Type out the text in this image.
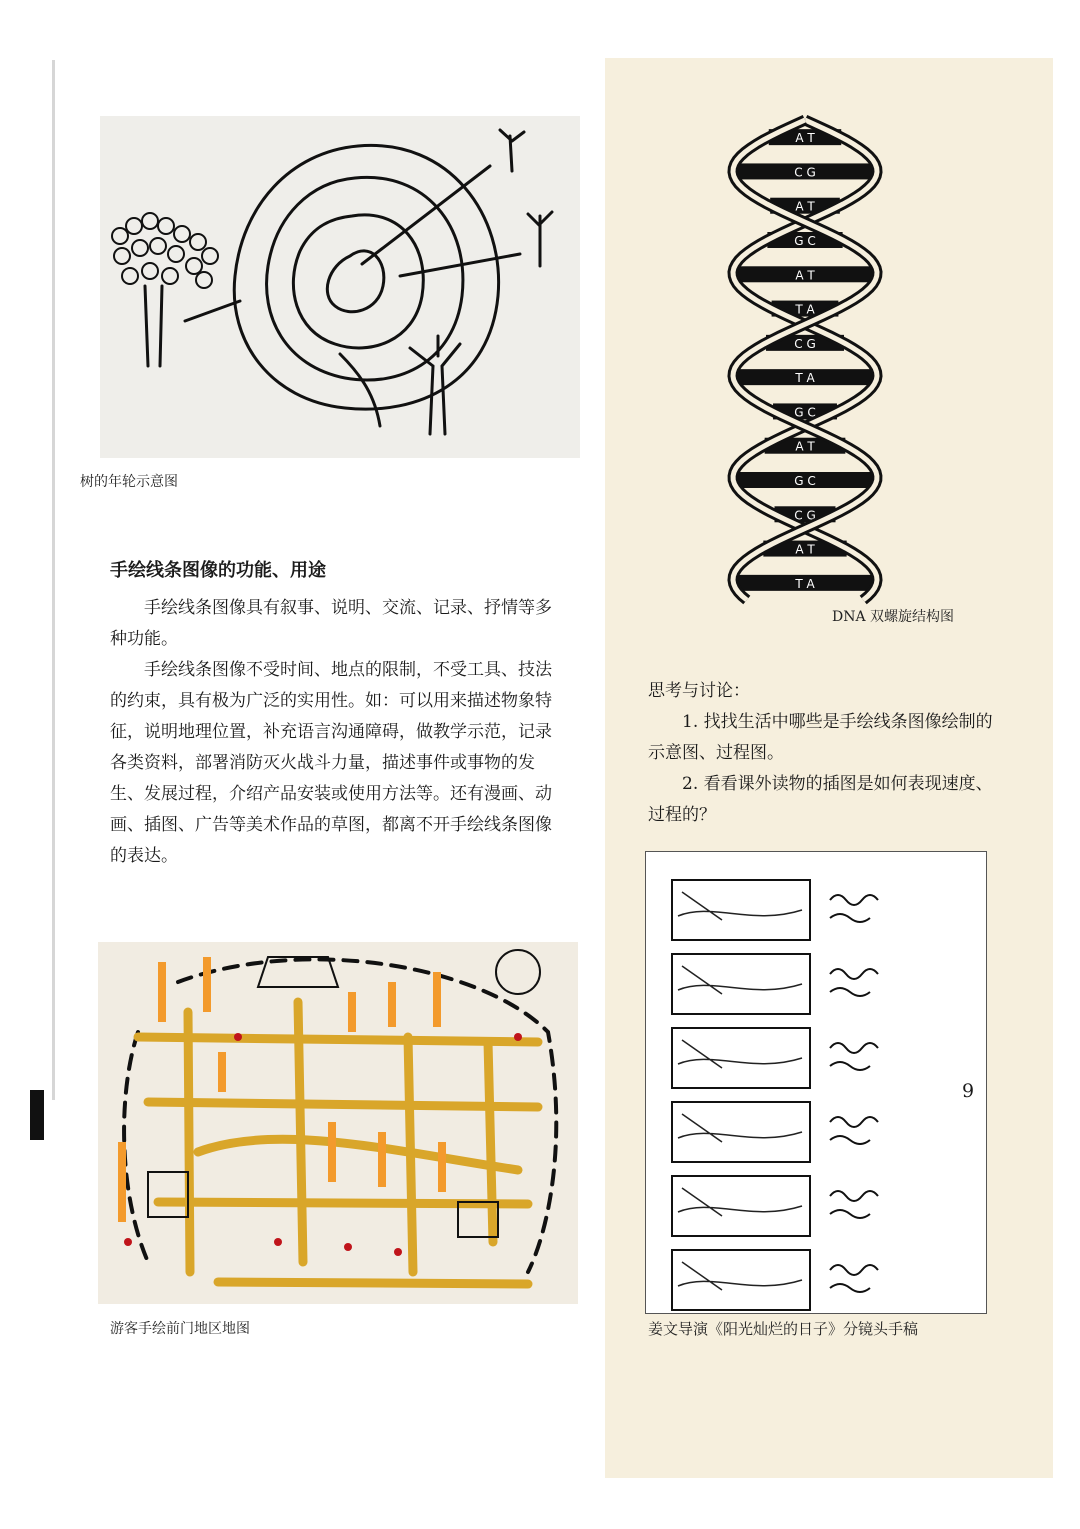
树的年轮示意图
手绘线条图像的功能、用途

手绘线条图像具有叙事、说明、交流、记录、抒情等多种功能。

手绘线条图像不受时间、地点的限制，不受工具、技法的约束，具有极为广泛的实用性。如：可以用来描述物象特征，说明地理位置，补充语言沟通障碍，做教学示范，记录各类资料，部署消防灭火战斗力量，描述事件或事物的发生、发展过程，介绍产品安装或使用方法等。还有漫画、动画、插图、广告等美术作品的草图，都离不开手绘线条图像的表达。

游客手绘前门地区地图
A T
C G
A T
G C
A T
T A
C G
T A
G C
A T
G C
C G
A T
T A
DNA 双螺旋结构图

思考与讨论：

1. 找找生活中哪些是手绘线条图像绘制的示意图、过程图。

2. 看看课外读物的插图是如何表现速度、过程的？

姜文导演《阳光灿烂的日子》分镜头手稿
9
